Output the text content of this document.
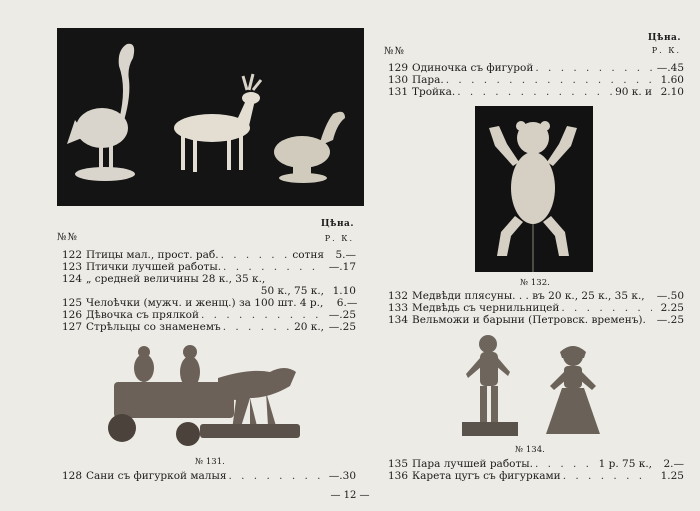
Цѣна.
№№	Р. К.
122 Птицы мал., прост. раб. . . .	сотня	5.—
123 Птички лучшей работы. . . .	—.17
124 „ средней величины 28 к., 35 к.,
50 к., 75 к., 1.10
125 Челоѣчки (мужч. и женщ.) за 100 шт. 4 р.,	6.—
126 Дѣвочка съ прялкой . . .	—.25
127 Стрѣльцы со знаменемъ . . .	20 к., —.25
№ 131.
128 Сани съ фигуркой малыя . . .	—.30
Цѣна.
№№	Р. К.
129 Одиночка съ фигурой . . .	—.45
130 Пара. . . .	1.60
131 Тройка. . . .	90 к. и 2.10
№ 132.
132 Медвѣди плясуны. . . въ 20 к., 25 к., 35 к.,	—.50
133 Медвѣдь съ чернильницей . . .	2.25
134 Вельможи и барыни (Петровск. временъ).	—.25
№ 134.
135 Пара лучшей работы. . . .	1 р. 75 к.,	2.—
136 Карета цугъ съ фигурками . . .	1.25
— 12 —
